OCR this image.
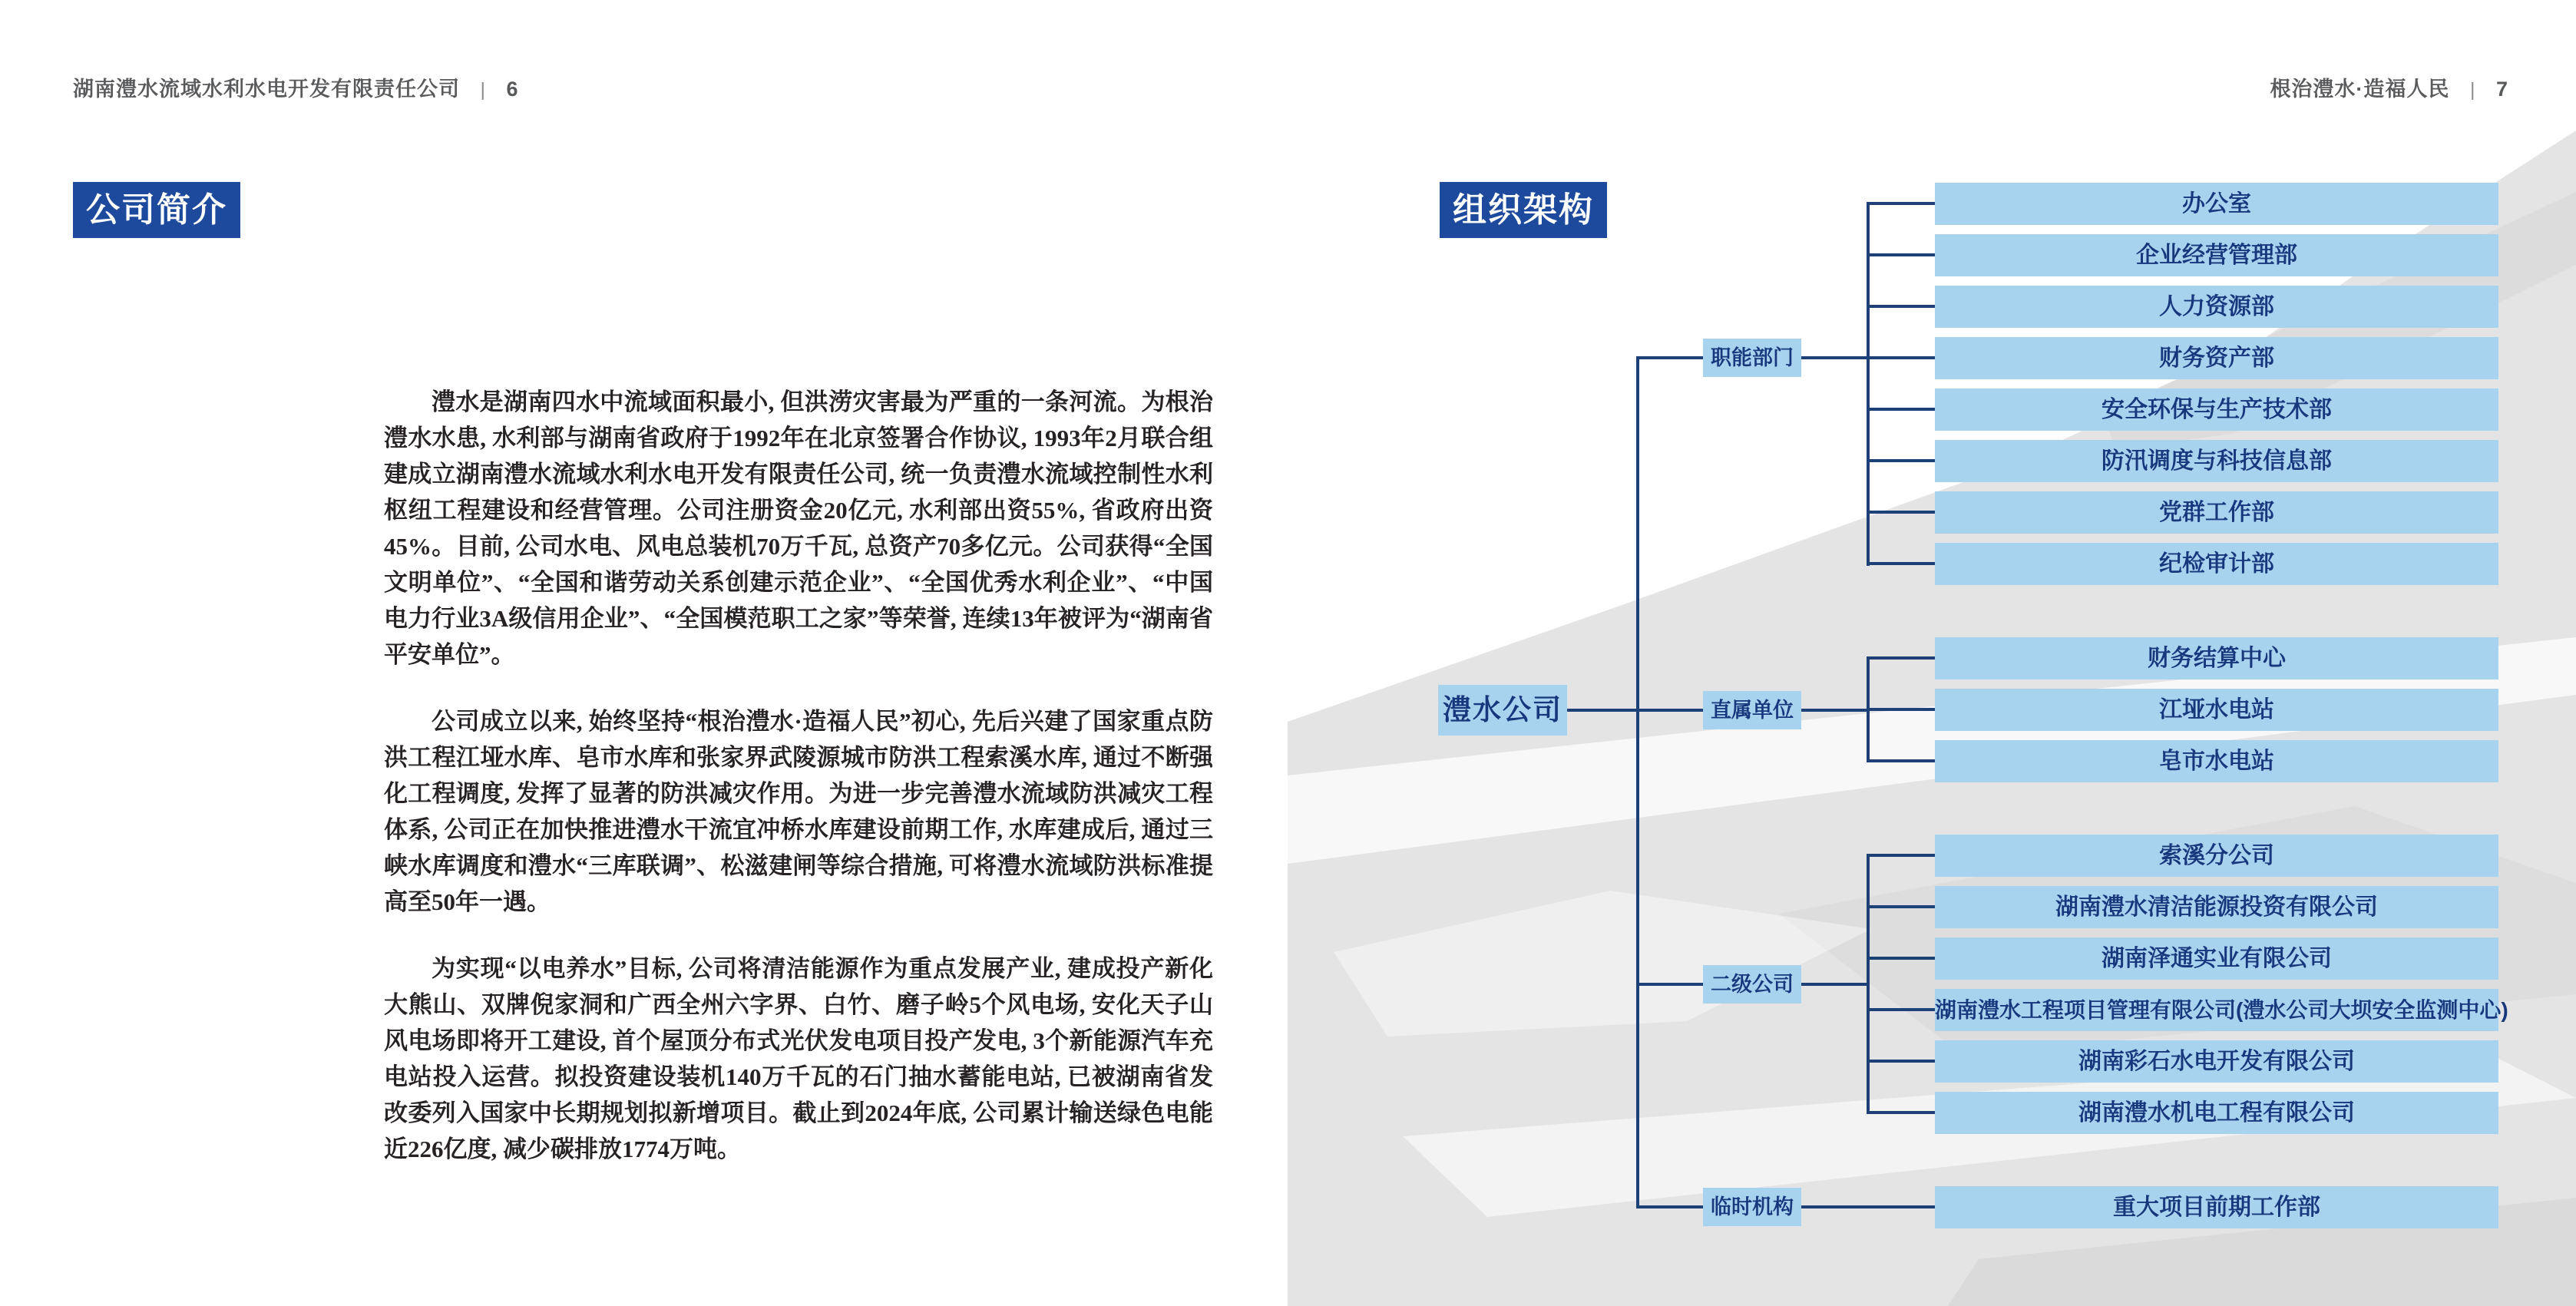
湖南澧水流域水利水电开发有限责任公司 | 6	根治澧水·造福人民 | 7
公司简介	组织架构

澧水是湖南四水中流域面积最小, 但洪涝灾害最为严重的一条河流。为根治澧水水患, 水利部与湖南省政府于1992年在北京签署合作协议, 1993年2月联合组建成立湖南澧水流域水利水电开发有限责任公司, 统一负责澧水流域控制性水利枢纽工程建设和经营管理。公司注册资金20亿元, 水利部出资55%, 省政府出资45%。目前, 公司水电、风电总装机70万千瓦, 总资产70多亿元。公司获得“全国文明单位”、“全国和谐劳动关系创建示范企业”、“全国优秀水利企业”、“中国电力行业3A级信用企业”、“全国模范职工之家”等荣誉, 连续13年被评为“湖南省平安单位”。

公司成立以来, 始终坚持“根治澧水·造福人民”初心, 先后兴建了国家重点防洪工程江垭水库、皂市水库和张家界武陵源城市防洪工程索溪水库, 通过不断强化工程调度, 发挥了显著的防洪减灾作用。为进一步完善澧水流域防洪减灾工程体系, 公司正在加快推进澧水干流宜冲桥水库建设前期工作, 水库建成后, 通过三峡水库调度和澧水“三库联调”、松滋建闸等综合措施, 可将澧水流域防洪标准提高至50年一遇。

为实现“以电养水”目标, 公司将清洁能源作为重点发展产业, 建成投产新化大熊山、双牌倪家洞和广西全州六字界、白竹、磨子岭5个风电场, 安化天子山风电场即将开工建设, 首个屋顶分布式光伏发电项目投产发电, 3个新能源汽车充电站投入运营。拟投资建设装机140万千瓦的石门抽水蓄能电站, 已被湖南省发改委列入国家中长期规划拟新增项目。截止到2024年底, 公司累计输送绿色电能近226亿度, 减少碳排放1774万吨。

澧水公司
职能部门
直属单位
二级公司
临时机构
办公室
企业经营管理部
人力资源部
财务资产部
安全环保与生产技术部
防汛调度与科技信息部
党群工作部
纪检审计部
财务结算中心
江垭水电站
皂市水电站
索溪分公司
湖南澧水清洁能源投资有限公司
湖南泽通实业有限公司
湖南澧水工程项目管理有限公司(澧水公司大坝安全监测中心)
湖南彩石水电开发有限公司
湖南澧水机电工程有限公司
重大项目前期工作部
